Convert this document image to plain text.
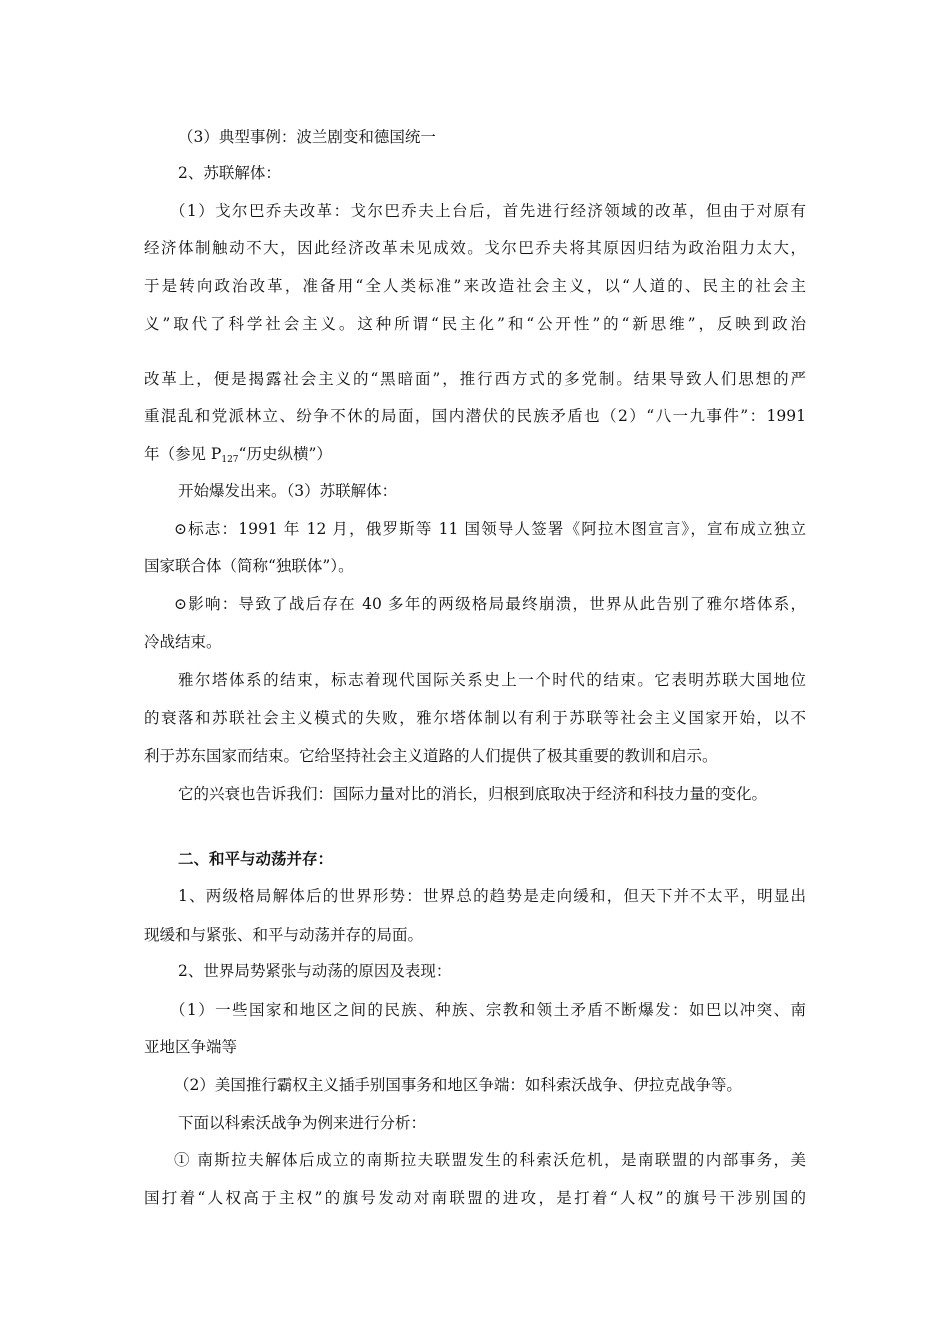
（3）典型事例：波兰剧变和德国统一
2、苏联解体：
（1）戈尔巴乔夫改革：戈尔巴乔夫上台后，首先进行经济领域的改革，但由于对原有
经济体制触动不大，因此经济改革未见成效。戈尔巴乔夫将其原因归结为政治阻力太大，
于是转向政治改革，准备用“全人类标准”来改造社会主义，以“人道的、民主的社会主
义”取代了科学社会主义。这种所谓“民主化”和“公开性”的“新思维”，反映到政治
改革上，便是揭露社会主义的“黑暗面”，推行西方式的多党制。结果导致人们思想的严
重混乱和党派林立、纷争不休的局面，国内潜伏的民族矛盾也（2）“八一九事件”：1991
年（参见 $P_{127}“$历史纵横”）
开始爆发出来。（3）苏联解体：
⊙标志：1991 年 12 月，俄罗斯等 11 国领导人签署《阿拉木图宣言》，宣布成立独立
国家联合体（简称“独联体”）。
⊙影响：导致了战后存在 40 多年的两级格局最终崩溃，世界从此告别了雅尔塔体系，
冷战结束。
雅尔塔体系的结束，标志着现代国际关系史上一个时代的结束。它表明苏联大国地位
的衰落和苏联社会主义模式的失败，雅尔塔体制以有利于苏联等社会主义国家开始，以不
利于苏东国家而结束。它给坚持社会主义道路的人们提供了极其重要的教训和启示。
它的兴衰也告诉我们：国际力量对比的消长，归根到底取决于经济和科技力量的变化。
二、和平与动荡并存：
1、两级格局解体后的世界形势：世界总的趋势是走向缓和，但天下并不太平，明显出
现缓和与紧张、和平与动荡并存的局面。
2、世界局势紧张与动荡的原因及表现：
（1）一些国家和地区之间的民族、种族、宗教和领土矛盾不断爆发：如巴以冲突、南
亚地区争端等
（2）美国推行霸权主义插手别国事务和地区争端：如科索沃战争、伊拉克战争等。
下面以科索沃战争为例来进行分析：
① 南斯拉夫解体后成立的南斯拉夫联盟发生的科索沃危机，是南联盟的内部事务，美
国打着“人权高于主权”的旗号发动对南联盟的进攻，是打着“人权”的旗号干涉别国的
